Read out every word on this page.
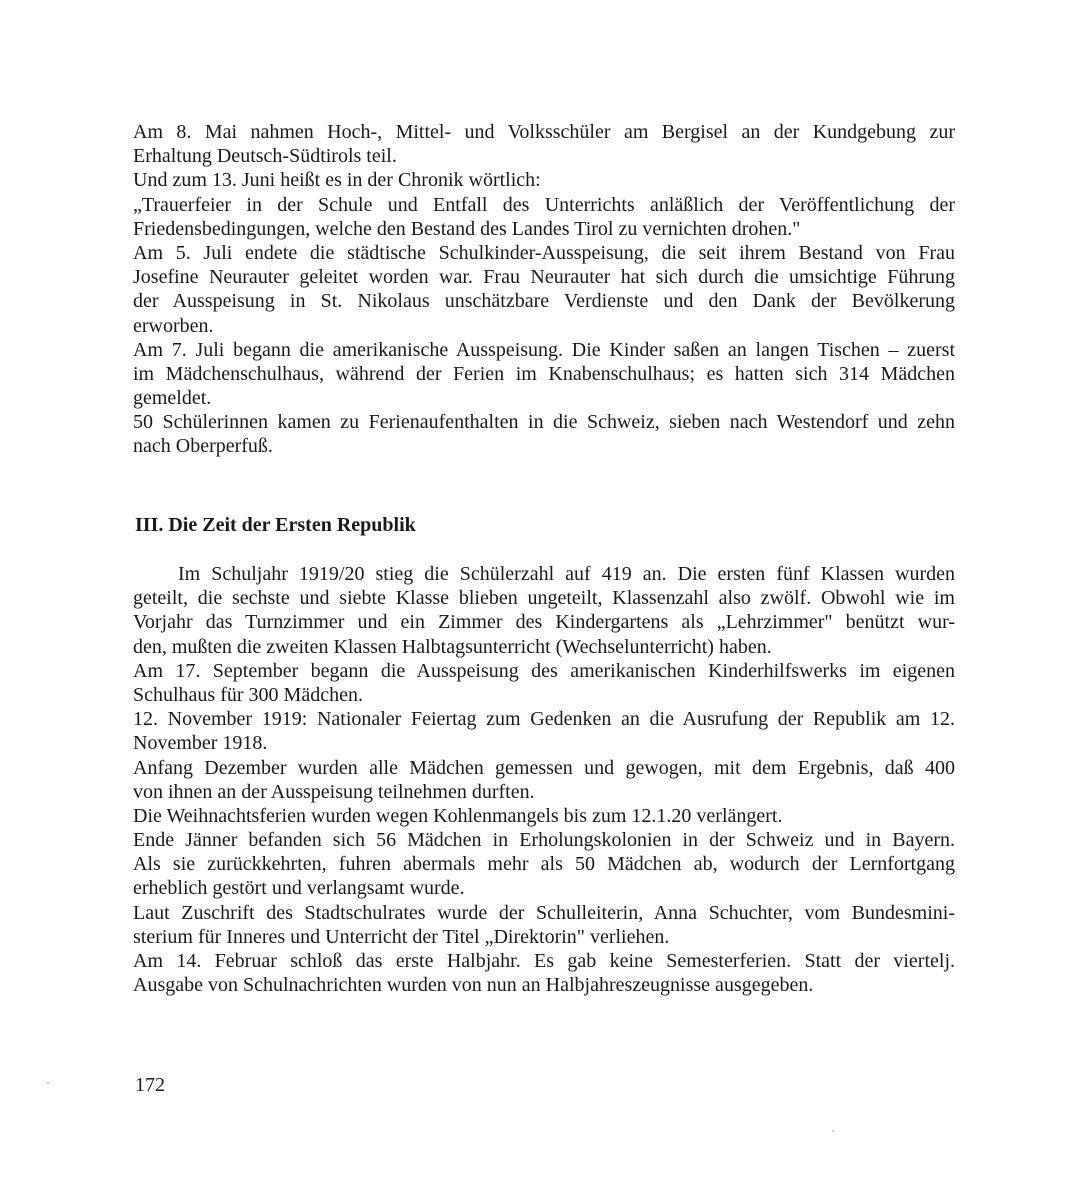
Am 8. Mai nahmen Hoch-, Mittel- und Volksschüler am Bergisel an der Kundgebung zur
Erhaltung Deutsch-Südtirols teil.
Und zum 13. Juni heißt es in der Chronik wörtlich:
„Trauerfeier in der Schule und Entfall des Unterrichts anläßlich der Veröffentlichung der
Friedensbedingungen, welche den Bestand des Landes Tirol zu vernichten drohen."
Am 5. Juli endete die städtische Schulkinder-Ausspeisung, die seit ihrem Bestand von Frau
Josefine Neurauter geleitet worden war. Frau Neurauter hat sich durch die umsichtige Führung
der Ausspeisung in St. Nikolaus unschätzbare Verdienste und den Dank der Bevölkerung
erworben.
Am 7. Juli begann die amerikanische Ausspeisung. Die Kinder saßen an langen Tischen – zuerst
im Mädchenschulhaus, während der Ferien im Knabenschulhaus; es hatten sich 314 Mädchen
gemeldet.
50 Schülerinnen kamen zu Ferienaufenthalten in die Schweiz, sieben nach Westendorf und zehn
nach Oberperfuß.
III. Die Zeit der Ersten Republik
Im Schuljahr 1919/20 stieg die Schülerzahl auf 419 an. Die ersten fünf Klassen wurden
geteilt, die sechste und siebte Klasse blieben ungeteilt, Klassenzahl also zwölf. Obwohl wie im
Vorjahr das Turnzimmer und ein Zimmer des Kindergartens als „Lehrzimmer" benützt wur-
den, mußten die zweiten Klassen Halbtagsunterricht (Wechselunterricht) haben.
Am 17. September begann die Ausspeisung des amerikanischen Kinderhilfswerks im eigenen
Schulhaus für 300 Mädchen.
12. November 1919: Nationaler Feiertag zum Gedenken an die Ausrufung der Republik am 12.
November 1918.
Anfang Dezember wurden alle Mädchen gemessen und gewogen, mit dem Ergebnis, daß 400
von ihnen an der Ausspeisung teilnehmen durften.
Die Weihnachtsferien wurden wegen Kohlenmangels bis zum 12.1.20 verlängert.
Ende Jänner befanden sich 56 Mädchen in Erholungskolonien in der Schweiz und in Bayern.
Als sie zurückkehrten, fuhren abermals mehr als 50 Mädchen ab, wodurch der Lernfortgang
erheblich gestört und verlangsamt wurde.
Laut Zuschrift des Stadtschulrates wurde der Schulleiterin, Anna Schuchter, vom Bundesmini-
sterium für Inneres und Unterricht der Titel „Direktorin" verliehen.
Am 14. Februar schloß das erste Halbjahr. Es gab keine Semesterferien. Statt der viertelj.
Ausgabe von Schulnachrichten wurden von nun an Halbjahreszeugnisse ausgegeben.
172
